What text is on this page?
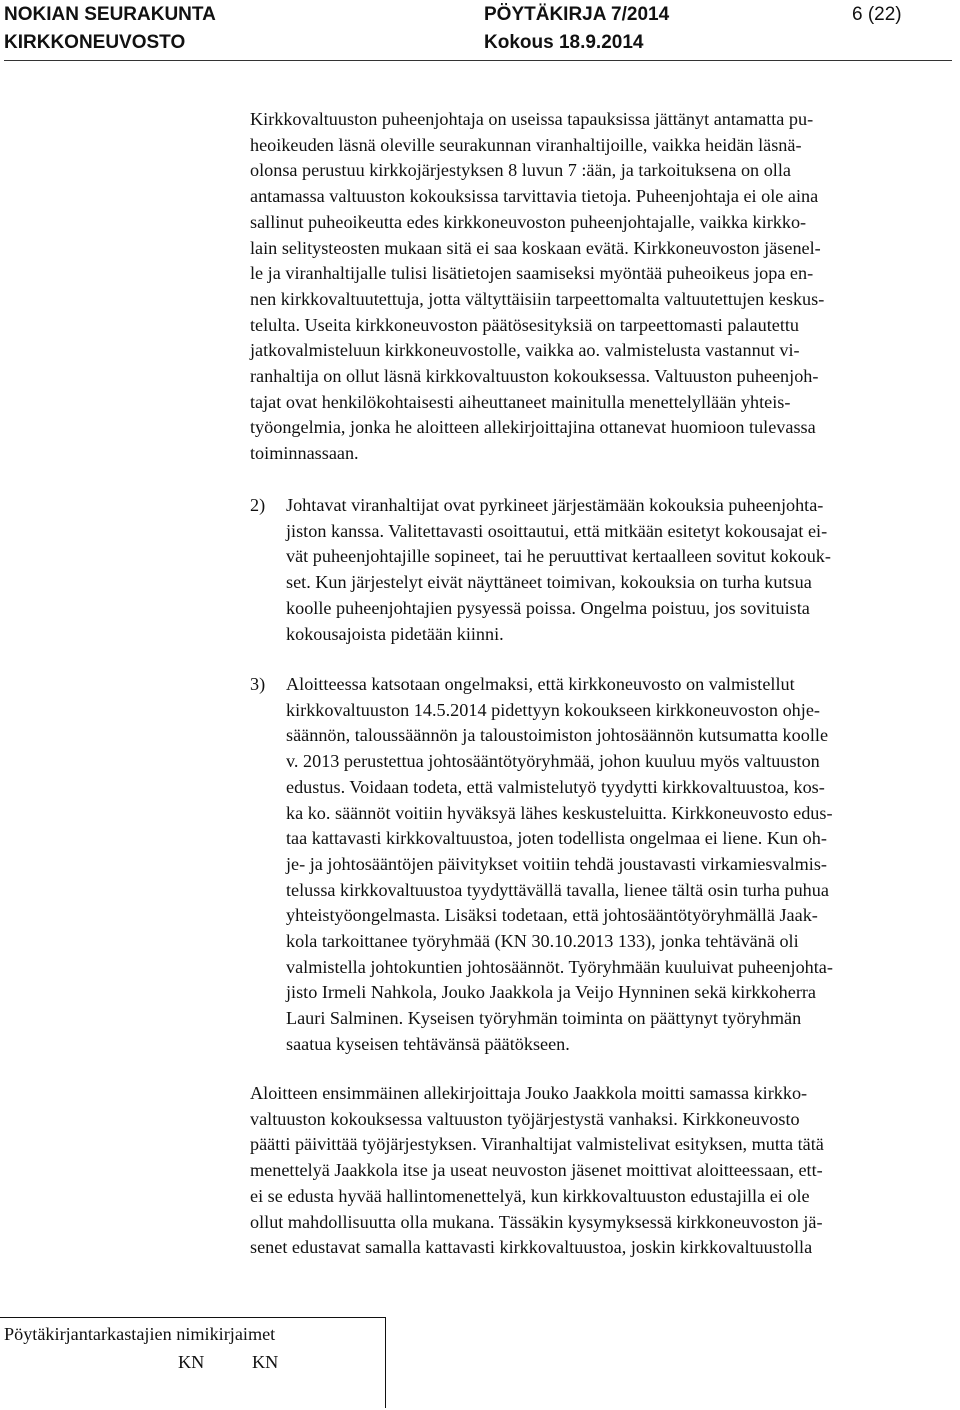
NOKIAN SEURAKUNTA	PÖYTÄKIRJA 7/2014	6 (22)
KIRKKONEUVOSTO	Kokous 18.9.2014
Kirkkovaltuuston puheenjohtaja on useissa tapauksissa jättänyt antamatta pu-
heoikeuden läsnä oleville seurakunnan viranhaltijoille, vaikka heidän läsnä-
olonsa perustuu kirkkojärjestyksen 8 luvun 7 :ään, ja tarkoituksena on olla
antamassa valtuuston kokouksissa tarvittavia tietoja. Puheenjohtaja ei ole aina
sallinut puheoikeutta edes kirkkoneuvoston puheenjohtajalle, vaikka kirkko-
lain selitysteosten mukaan sitä ei saa koskaan evätä. Kirkkoneuvoston jäsenel-
le ja viranhaltijalle tulisi lisätietojen saamiseksi myöntää puheoikeus jopa en-
nen kirkkovaltuutettuja, jotta vältyttäisiin tarpeettomalta valtuutettujen keskus-
telulta. Useita kirkkoneuvoston päätösesityksiä on tarpeettomasti palautettu
jatkovalmisteluun kirkkoneuvostolle, vaikka ao. valmistelusta vastannut vi-
ranhaltija on ollut läsnä kirkkovaltuuston kokouksessa. Valtuuston puheenjoh-
tajat ovat henkilökohtaisesti aiheuttaneet mainitulla menettelyllään yhteis-
työongelmia, jonka he aloitteen allekirjoittajina ottanevat huomioon tulevassa
toiminnassaan.
2) Johtavat viranhaltijat ovat pyrkineet järjestämään kokouksia puheenjohta-
jiston kanssa. Valitettavasti osoittautui, että mitkään esitetyt kokousajat ei-
vät puheenjohtajille sopineet, tai he peruuttivat kertaalleen sovitut kokouk-
set. Kun järjestelyt eivät näyttäneet toimivan, kokouksia on turha kutsua
koolle puheenjohtajien pysyessä poissa. Ongelma poistuu, jos sovituista
kokousajoista pidetään kiinni.
3) Aloitteessa katsotaan ongelmaksi, että kirkkoneuvosto on valmistellut
kirkkovaltuuston 14.5.2014 pidettyyn kokoukseen kirkkoneuvoston ohje-
säännön, taloussäännön ja taloustoimiston johtosäännön kutsumatta koolle
v. 2013 perustettua johtosääntötyöryhmää, johon kuuluu myös valtuuston
edustus. Voidaan todeta, että valmistelutyö tyydytti kirkkovaltuustoa, kos-
ka ko. säännöt voitiin hyväksyä lähes keskusteluitta. Kirkkoneuvosto edus-
taa kattavasti kirkkovaltuustoa, joten todellista ongelmaa ei liene. Kun oh-
je- ja johtosääntöjen päivitykset voitiin tehdä joustavasti virkamiesvalmis-
telussa kirkkovaltuustoa tyydyttävällä tavalla, lienee tältä osin turha puhua
yhteistyöongelmasta. Lisäksi todetaan, että johtosääntötyöryhmällä Jaak-
kola tarkoittanee työryhmää (KN 30.10.2013 133), jonka tehtävänä oli
valmistella johtokuntien johtosäännöt. Työryhmään kuuluivat puheenjohta-
jisto Irmeli Nahkola, Jouko Jaakkola ja Veijo Hynninen sekä kirkkoherra
Lauri Salminen. Kyseisen työryhmän toiminta on päättynyt työryhmän
saatua kyseisen tehtävänsä päätökseen.
Aloitteen ensimmäinen allekirjoittaja Jouko Jaakkola moitti samassa kirkko-
valtuuston kokouksessa valtuuston työjärjestystä vanhaksi. Kirkkoneuvosto
päätti päivittää työjärjestyksen. Viranhaltijat valmistelivat esityksen, mutta tätä
menettelyä Jaakkola itse ja useat neuvoston jäsenet moittivat aloitteessaan, ett-
ei se edusta hyvää hallintomenettelyä, kun kirkkovaltuuston edustajilla ei ole
ollut mahdollisuutta olla mukana. Tässäkin kysymyksessä kirkkoneuvoston jä-
senet edustavat samalla kattavasti kirkkovaltuustoa, joskin kirkkovaltuustolla
Pöytäkirjantarkastajien nimikirjaimet
KN	KN
